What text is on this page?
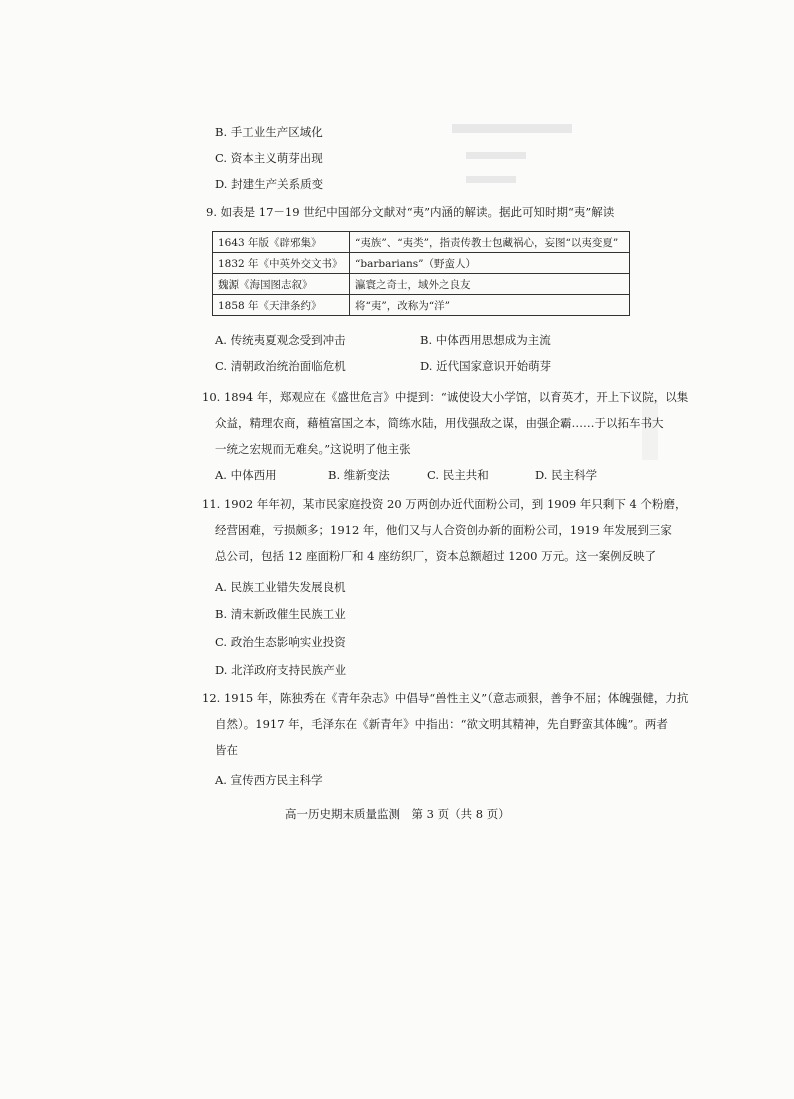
B. 手工业生产区域化
C. 资本主义萌芽出现
D. 封建生产关系质变
9. 如表是 17－19 世纪中国部分文献对“夷”内涵的解读。据此可知时期“夷”解读
1643 年版《辟邪集》	“夷族”、“夷类”，指责传教士包藏祸心，妄图“以夷变夏”
1832 年《中英外交文书》	“barbarians”（野蛮人）
魏源《海国图志叙》	瀛寰之奇士，域外之良友
1858 年《天津条约》	将“夷”，改称为“洋”
A. 传统夷夏观念受到冲击	B. 中体西用思想成为主流
C. 清朝政治统治面临危机	D. 近代国家意识开始萌芽
10. 1894 年，郑观应在《盛世危言》中提到：“诚使设大小学馆，以育英才，开上下议院，以集
众益，精理农商，藉植富国之本，简练水陆，用伐强敌之谋，由强企霸……于以拓车书大
一统之宏规而无难矣。”这说明了他主张
A. 中体西用	B. 维新变法	C. 民主共和	D. 民主科学
11. 1902 年年初，某市民家庭投资 20 万两创办近代面粉公司，到 1909 年只剩下 4 个粉磨，
经营困难，亏损颇多；1912 年，他们又与人合资创办新的面粉公司，1919 年发展到三家
总公司，包括 12 座面粉厂和 4 座纺织厂，资本总额超过 1200 万元。这一案例反映了
A. 民族工业错失发展良机
B. 清末新政催生民族工业
C. 政治生态影响实业投资
D. 北洋政府支持民族产业
12. 1915 年，陈独秀在《青年杂志》中倡导“兽性主义”（意志顽狠，善争不屈；体魄强健，力抗
自然）。1917 年，毛泽东在《新青年》中指出：“欲文明其精神，先自野蛮其体魄”。两者
皆在
A. 宣传西方民主科学
高一历史期末质量监测　第 3 页（共 8 页）
